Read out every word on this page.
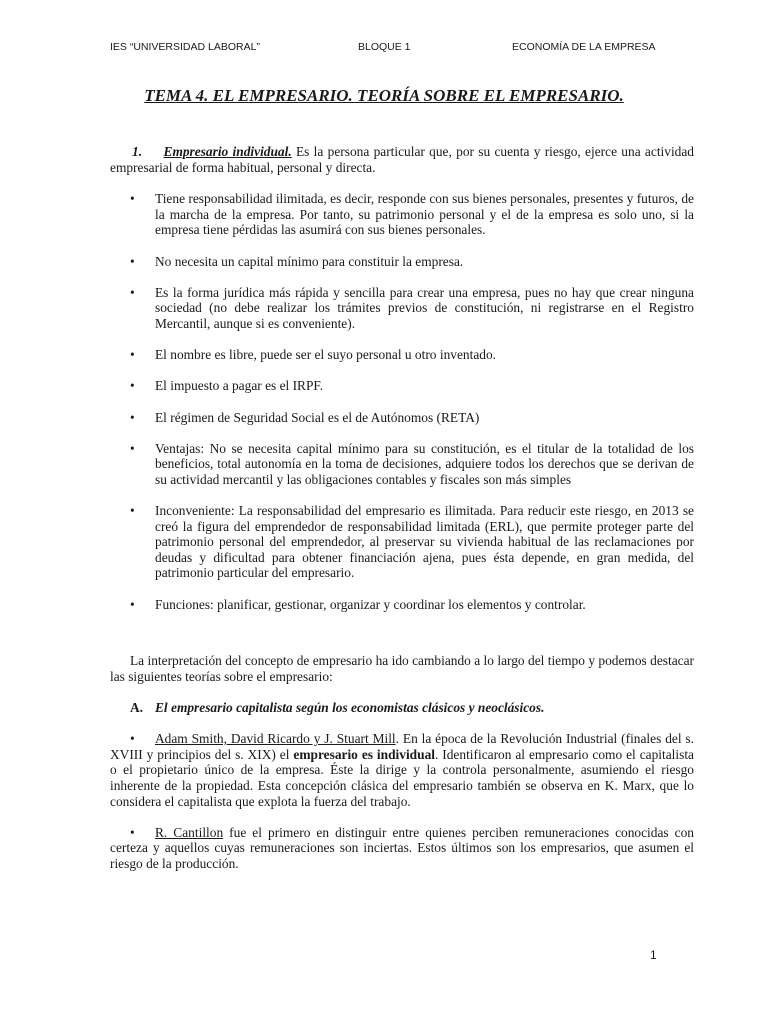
IES “UNIVERSIDAD LABORAL”	BLOQUE 1	ECONOMÍA DE LA EMPRESA
TEMA 4. EL EMPRESARIO. TEORÍA SOBRE EL EMPRESARIO.

1. Empresario individual. Es la persona particular que, por su cuenta y riesgo, ejerce una actividad empresarial de forma habitual, personal y directa.

• Tiene responsabilidad ilimitada, es decir, responde con sus bienes personales, presentes y futuros, de la marcha de la empresa. Por tanto, su patrimonio personal y el de la empresa es solo uno, si la empresa tiene pérdidas las asumirá con sus bienes personales.
• No necesita un capital mínimo para constituir la empresa.
• Es la forma jurídica más rápida y sencilla para crear una empresa, pues no hay que crear ninguna sociedad (no debe realizar los trámites previos de constitución, ni registrarse en el Registro Mercantil, aunque si es conveniente).
• El nombre es libre, puede ser el suyo personal u otro inventado.
• El impuesto a pagar es el IRPF.
• El régimen de Seguridad Social es el de Autónomos (RETA)
• Ventajas: No se necesita capital mínimo para su constitución, es el titular de la totalidad de los beneficios, total autonomía en la toma de decisiones, adquiere todos los derechos que se derivan de su actividad mercantil y las obligaciones contables y fiscales son más simples
• Inconveniente: La responsabilidad del empresario es ilimitada. Para reducir este riesgo, en 2013 se creó la figura del emprendedor de responsabilidad limitada (ERL), que permite proteger parte del patrimonio personal del emprendedor, al preservar su vivienda habitual de las reclamaciones por deudas y dificultad para obtener financiación ajena, pues ésta depende, en gran medida, del patrimonio particular del empresario.
• Funciones: planificar, gestionar, organizar y coordinar los elementos y controlar.

La interpretación del concepto de empresario ha ido cambiando a lo largo del tiempo y podemos destacar las siguientes teorías sobre el empresario:

A. El empresario capitalista según los economistas clásicos y neoclásicos.

• Adam Smith, David Ricardo y J. Stuart Mill. En la época de la Revolución Industrial (finales del s. XVIII y principios del s. XIX) el empresario es individual. Identificaron al empresario como el capitalista o el propietario único de la empresa. Éste la dirige y la controla personalmente, asumiendo el riesgo inherente de la propiedad. Esta concepción clásica del empresario también se observa en K. Marx, que lo considera el capitalista que explota la fuerza del trabajo.

• R. Cantillon fue el primero en distinguir entre quienes perciben remuneraciones conocidas con certeza y aquellos cuyas remuneraciones son inciertas. Estos últimos son los empresarios, que asumen el riesgo de la producción.

1
